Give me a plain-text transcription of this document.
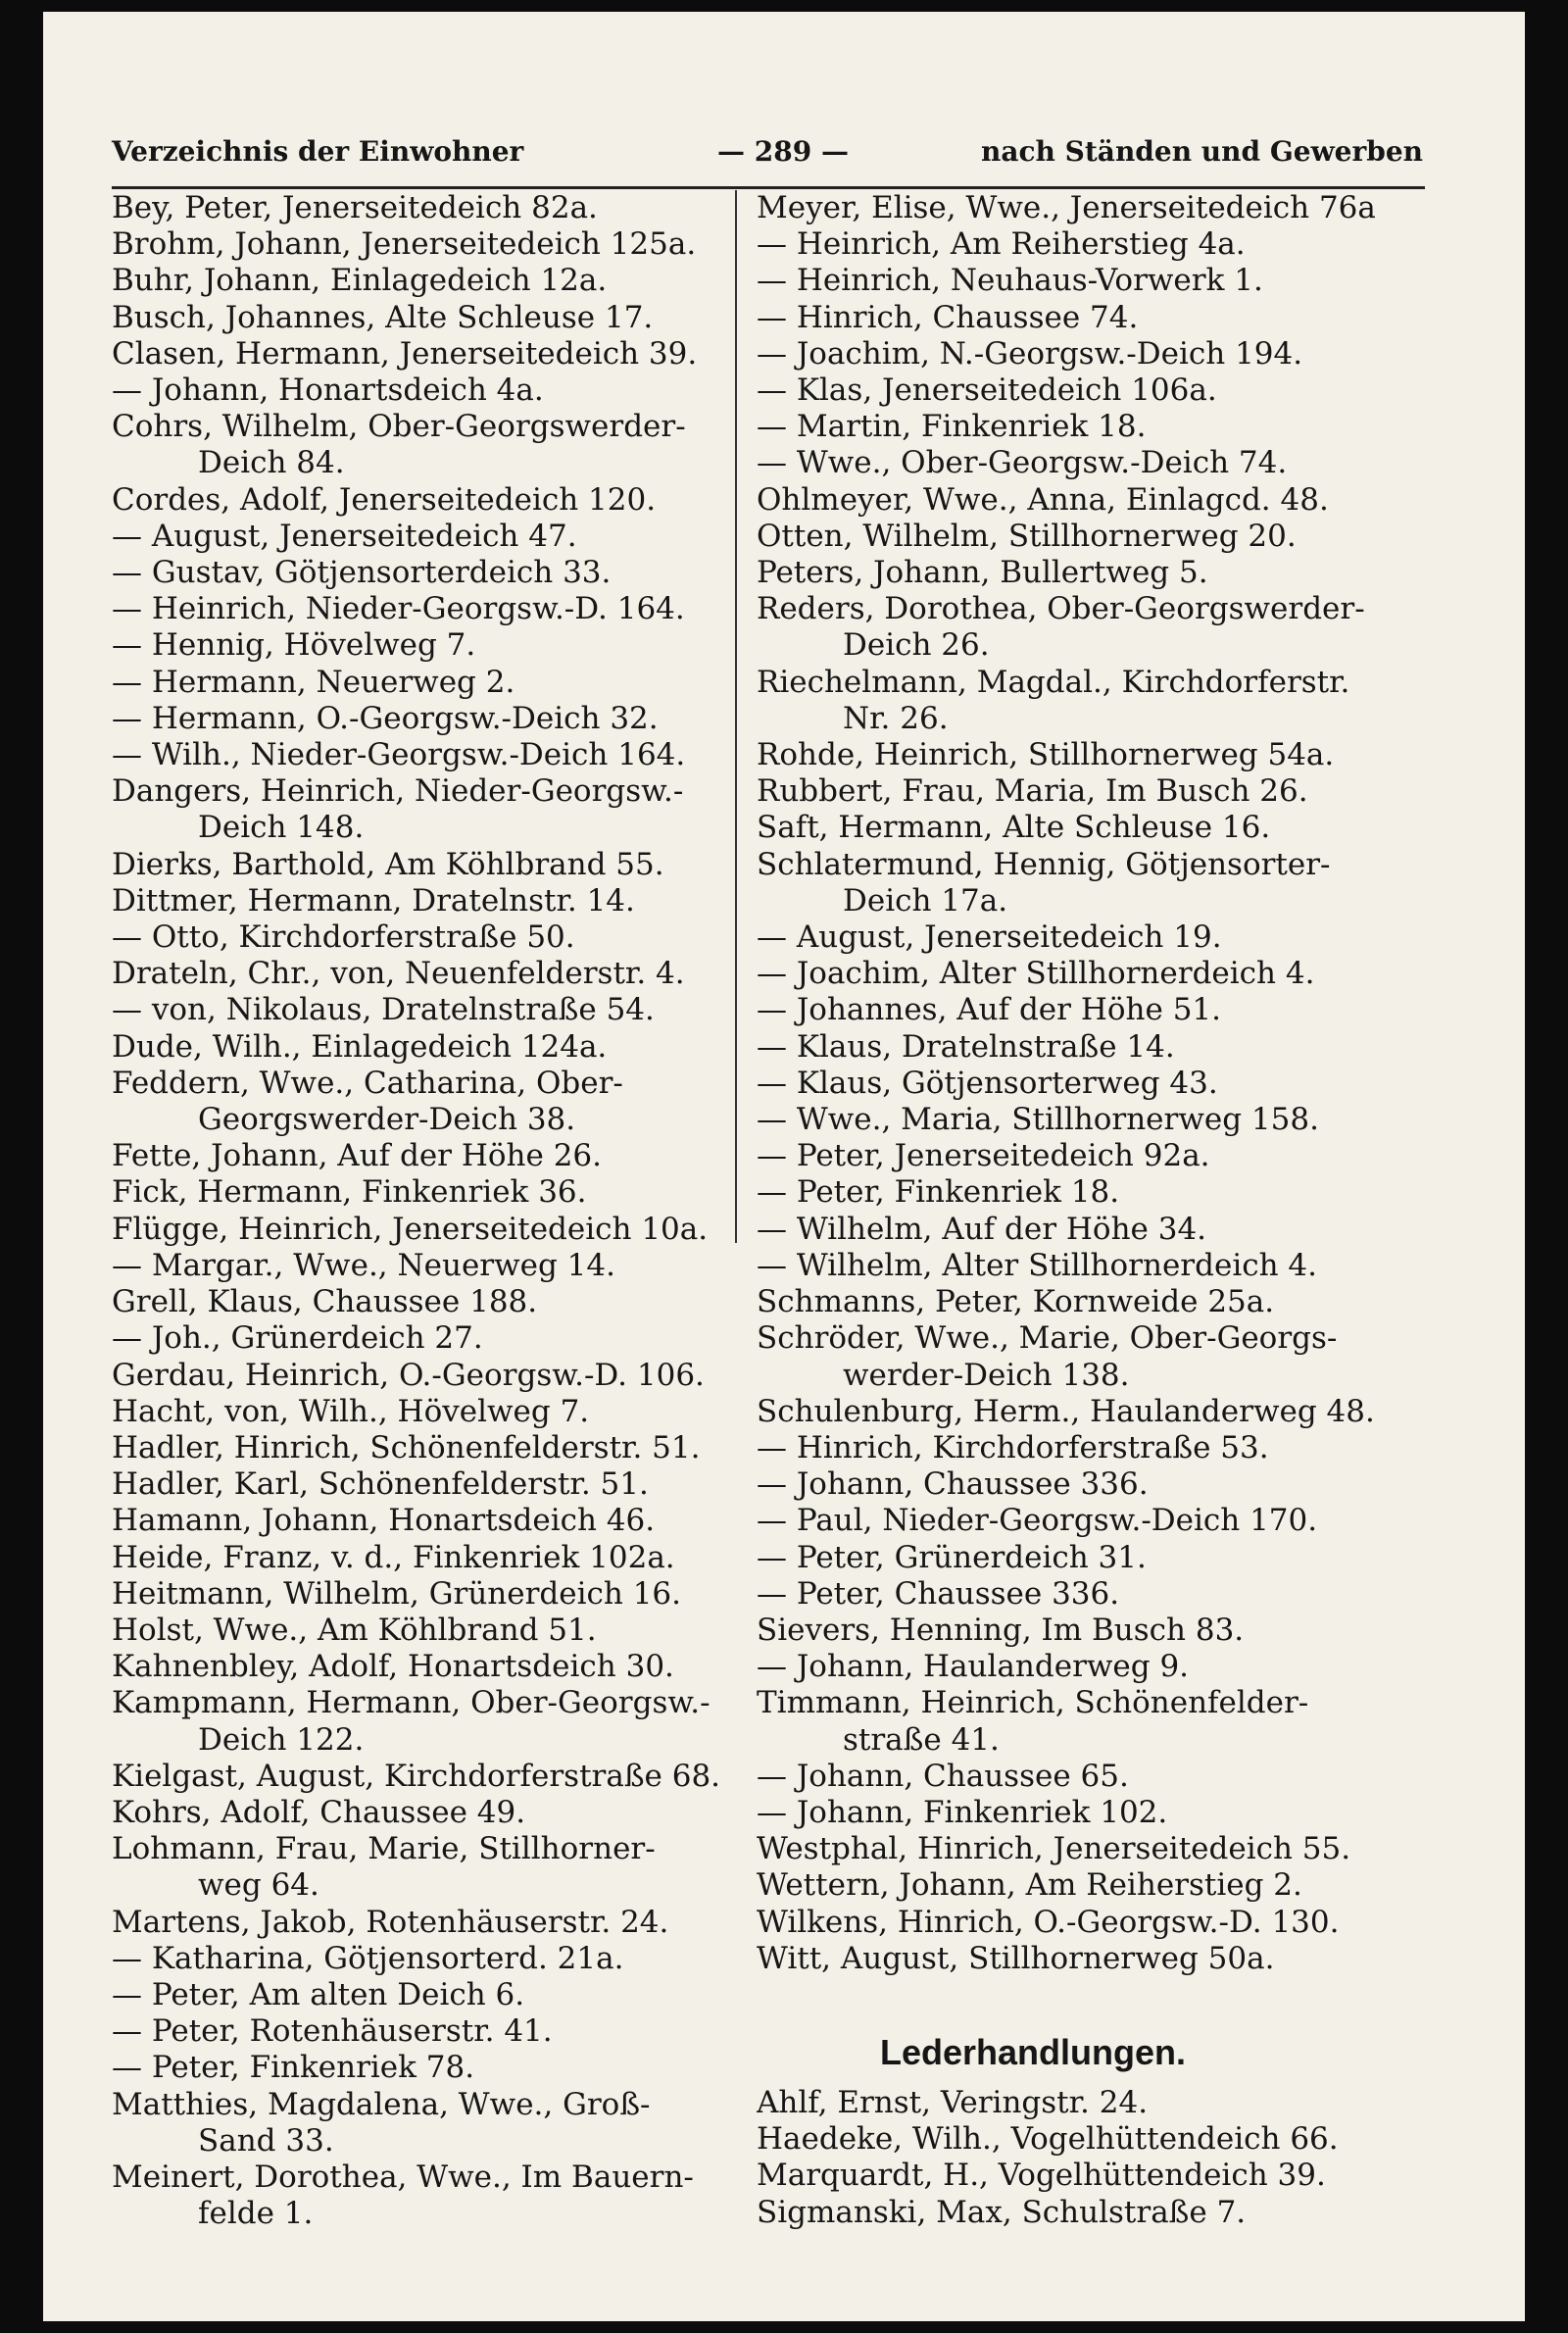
Verzeichnis der Einwohner	— 289 —	nach Ständen und Gewerben
Bey, Peter, Jenerseitedeich 82a.
Brohm, Johann, Jenerseitedeich 125a.
Buhr, Johann, Einlagedeich 12a.
Busch, Johannes, Alte Schleuse 17.
Clasen, Hermann, Jenerseitedeich 39.
— Johann, Honartsdeich 4a.
Cohrs, Wilhelm, Ober-Georgswerder-
Deich 84.
Cordes, Adolf, Jenerseitedeich 120.
— August, Jenerseitedeich 47.
— Gustav, Götjensorterdeich 33.
— Heinrich, Nieder-Georgsw.-D. 164.
— Hennig, Hövelweg 7.
— Hermann, Neuerweg 2.
— Hermann, O.-Georgsw.-Deich 32.
— Wilh., Nieder-Georgsw.-Deich 164.
Dangers, Heinrich, Nieder-Georgsw.-
Deich 148.
Dierks, Barthold, Am Köhlbrand 55.
Dittmer, Hermann, Dratelnstr. 14.
— Otto, Kirchdorferstraße 50.
Drateln, Chr., von, Neuenfelderstr. 4.
— von, Nikolaus, Dratelnstraße 54.
Dude, Wilh., Einlagedeich 124a.
Feddern, Wwe., Catharina, Ober-
Georgswerder-Deich 38.
Fette, Johann, Auf der Höhe 26.
Fick, Hermann, Finkenriek 36.
Flügge, Heinrich, Jenerseitedeich 10a.
— Margar., Wwe., Neuerweg 14.
Grell, Klaus, Chaussee 188.
— Joh., Grünerdeich 27.
Gerdau, Heinrich, O.-Georgsw.-D. 106.
Hacht, von, Wilh., Hövelweg 7.
Hadler, Hinrich, Schönenfelderstr. 51.
Hadler, Karl, Schönenfelderstr. 51.
Hamann, Johann, Honartsdeich 46.
Heide, Franz, v. d., Finkenriek 102a.
Heitmann, Wilhelm, Grünerdeich 16.
Holst, Wwe., Am Köhlbrand 51.
Kahnenbley, Adolf, Honartsdeich 30.
Kampmann, Hermann, Ober-Georgsw.-
Deich 122.
Kielgast, August, Kirchdorferstraße 68.
Kohrs, Adolf, Chaussee 49.
Lohmann, Frau, Marie, Stillhorner-
weg 64.
Martens, Jakob, Rotenhäuserstr. 24.
— Katharina, Götjensorterd. 21a.
— Peter, Am alten Deich 6.
— Peter, Rotenhäuserstr. 41.
— Peter, Finkenriek 78.
Matthies, Magdalena, Wwe., Groß-
Sand 33.
Meinert, Dorothea, Wwe., Im Bauern-
felde 1.
Meyer, Elise, Wwe., Jenerseitedeich 76a
— Heinrich, Am Reiherstieg 4a.
— Heinrich, Neuhaus-Vorwerk 1.
— Hinrich, Chaussee 74.
— Joachim, N.-Georgsw.-Deich 194.
— Klas, Jenerseitedeich 106a.
— Martin, Finkenriek 18.
— Wwe., Ober-Georgsw.-Deich 74.
Ohlmeyer, Wwe., Anna, Einlagcd. 48.
Otten, Wilhelm, Stillhornerweg 20.
Peters, Johann, Bullertweg 5.
Reders, Dorothea, Ober-Georgswerder-
Deich 26.
Riechelmann, Magdal., Kirchdorferstr.
Nr. 26.
Rohde, Heinrich, Stillhornerweg 54a.
Rubbert, Frau, Maria, Im Busch 26.
Saft, Hermann, Alte Schleuse 16.
Schlatermund, Hennig, Götjensorter-
Deich 17a.
— August, Jenerseitedeich 19.
— Joachim, Alter Stillhornerdeich 4.
— Johannes, Auf der Höhe 51.
— Klaus, Dratelnstraße 14.
— Klaus, Götjensorterweg 43.
— Wwe., Maria, Stillhornerweg 158.
— Peter, Jenerseitedeich 92a.
— Peter, Finkenriek 18.
— Wilhelm, Auf der Höhe 34.
— Wilhelm, Alter Stillhornerdeich 4.
Schmanns, Peter, Kornweide 25a.
Schröder, Wwe., Marie, Ober-Georgs-
werder-Deich 138.
Schulenburg, Herm., Haulanderweg 48.
— Hinrich, Kirchdorferstraße 53.
— Johann, Chaussee 336.
— Paul, Nieder-Georgsw.-Deich 170.
— Peter, Grünerdeich 31.
— Peter, Chaussee 336.
Sievers, Henning, Im Busch 83.
— Johann, Haulanderweg 9.
Timmann, Heinrich, Schönenfelder-
straße 41.
— Johann, Chaussee 65.
— Johann, Finkenriek 102.
Westphal, Hinrich, Jenerseitedeich 55.
Wettern, Johann, Am Reiherstieg 2.
Wilkens, Hinrich, O.-Georgsw.-D. 130.
Witt, August, Stillhornerweg 50a.
Lederhandlungen.
Ahlf, Ernst, Veringstr. 24.
Haedeke, Wilh., Vogelhüttendeich 66.
Marquardt, H., Vogelhüttendeich 39.
Sigmanski, Max, Schulstraße 7.
